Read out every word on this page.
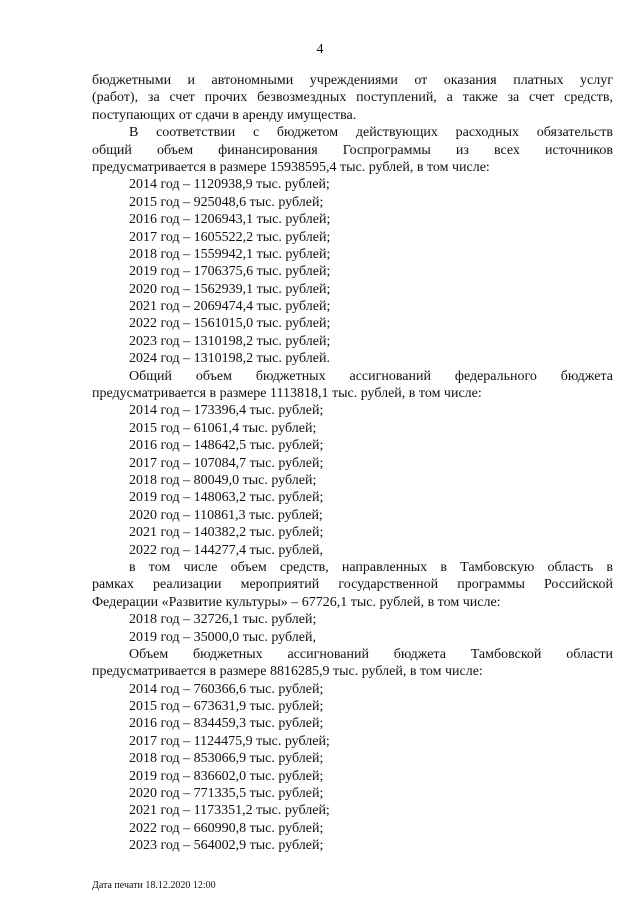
4
бюджетными и автономными учреждениями от оказания платных услуг
(работ), за счет прочих безвозмездных поступлений, а также за счет средств,
поступающих от сдачи в аренду имущества.
В соответствии с бюджетом действующих расходных обязательств
общий объем финансирования Госпрограммы из всех источников
предусматривается в размере 15938595,4 тыс. рублей, в том числе:
2014 год – 1120938,9 тыс. рублей;
2015 год – 925048,6 тыс. рублей;
2016 год – 1206943,1 тыс. рублей;
2017 год – 1605522,2 тыс. рублей;
2018 год – 1559942,1 тыс. рублей;
2019 год – 1706375,6 тыс. рублей;
2020 год – 1562939,1 тыс. рублей;
2021 год – 2069474,4 тыс. рублей;
2022 год – 1561015,0 тыс. рублей;
2023 год – 1310198,2 тыс. рублей;
2024 год – 1310198,2 тыс. рублей.
Общий объем бюджетных ассигнований федерального бюджета
предусматривается в размере 1113818,1 тыс. рублей, в том числе:
2014 год – 173396,4 тыс. рублей;
2015 год – 61061,4 тыс. рублей;
2016 год – 148642,5 тыс. рублей;
2017 год – 107084,7 тыс. рублей;
2018 год – 80049,0 тыс. рублей;
2019 год – 148063,2 тыс. рублей;
2020 год – 110861,3 тыс. рублей;
2021 год – 140382,2 тыс. рублей;
2022 год – 144277,4 тыс. рублей,
в том числе объем средств, направленных в Тамбовскую область в
рамках реализации мероприятий государственной программы Российской
Федерации «Развитие культуры» – 67726,1 тыс. рублей, в том числе:
2018 год – 32726,1 тыс. рублей;
2019 год – 35000,0 тыс. рублей,
Объем бюджетных ассигнований бюджета Тамбовской области
предусматривается в размере 8816285,9 тыс. рублей, в том числе:
2014 год – 760366,6 тыс. рублей;
2015 год – 673631,9 тыс. рублей;
2016 год – 834459,3 тыс. рублей;
2017 год – 1124475,9 тыс. рублей;
2018 год – 853066,9 тыс. рублей;
2019 год – 836602,0 тыс. рублей;
2020 год – 771335,5 тыс. рублей;
2021 год – 1173351,2 тыс. рублей;
2022 год – 660990,8 тыс. рублей;
2023 год – 564002,9 тыс. рублей;
Дата печати 18.12.2020 12:00
